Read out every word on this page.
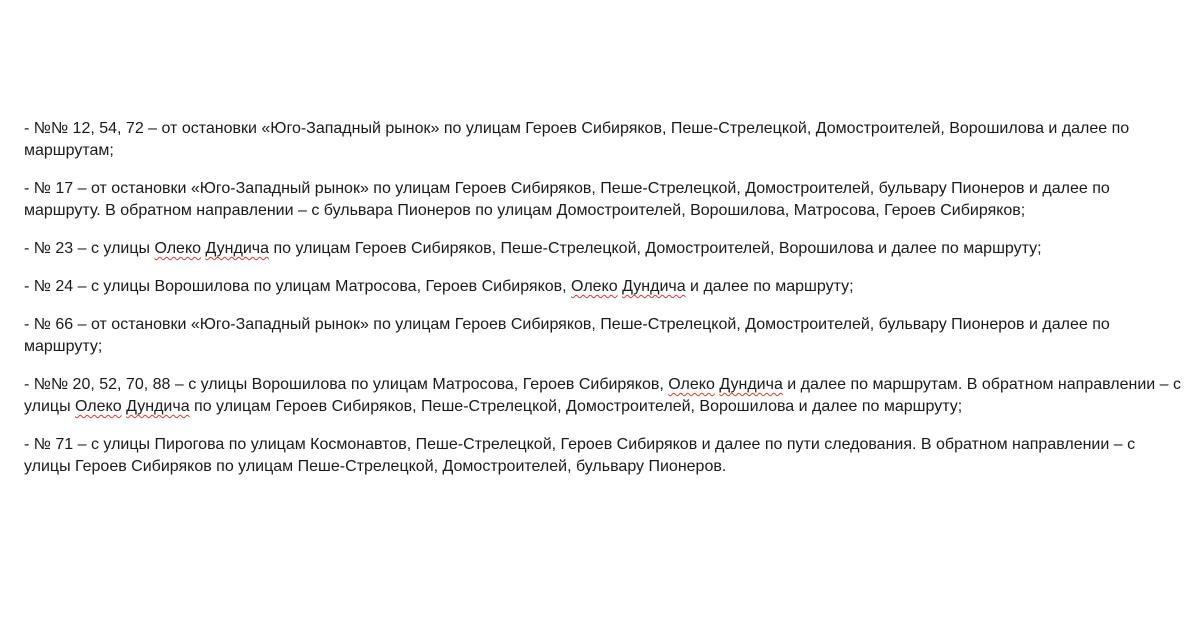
- №№ 12, 54, 72 – от остановки «Юго-Западный рынок» по улицам Героев Сибиряков, Пеше-Стрелецкой, Домостроителей, Ворошилова и далее по маршрутам;

- № 17 – от остановки «Юго-Западный рынок» по улицам Героев Сибиряков, Пеше-Стрелецкой, Домостроителей, бульвару Пионеров и далее по маршруту. В обратном направлении – с бульвара Пионеров по улицам Домостроителей, Ворошилова, Матросова, Героев Сибиряков;

- № 23 – с улицы Олеко Дундича по улицам Героев Сибиряков, Пеше-Стрелецкой, Домостроителей, Ворошилова и далее по маршруту;

- № 24 – с улицы Ворошилова по улицам Матросова, Героев Сибиряков, Олеко Дундича и далее по маршруту;

- № 66 – от остановки «Юго-Западный рынок» по улицам Героев Сибиряков, Пеше-Стрелецкой, Домостроителей, бульвару Пионеров и далее по маршруту;

- №№ 20, 52, 70, 88 – с улицы Ворошилова по улицам Матросова, Героев Сибиряков, Олеко Дундича и далее по маршрутам. В обратном направлении – с улицы Олеко Дундича по улицам Героев Сибиряков, Пеше-Стрелецкой, Домостроителей, Ворошилова и далее по маршруту;

- № 71 – с улицы Пирогова по улицам Космонавтов, Пеше-Стрелецкой, Героев Сибиряков и далее по пути следования. В обратном направлении – с улицы Героев Сибиряков по улицам Пеше-Стрелецкой, Домостроителей, бульвару Пионеров.
